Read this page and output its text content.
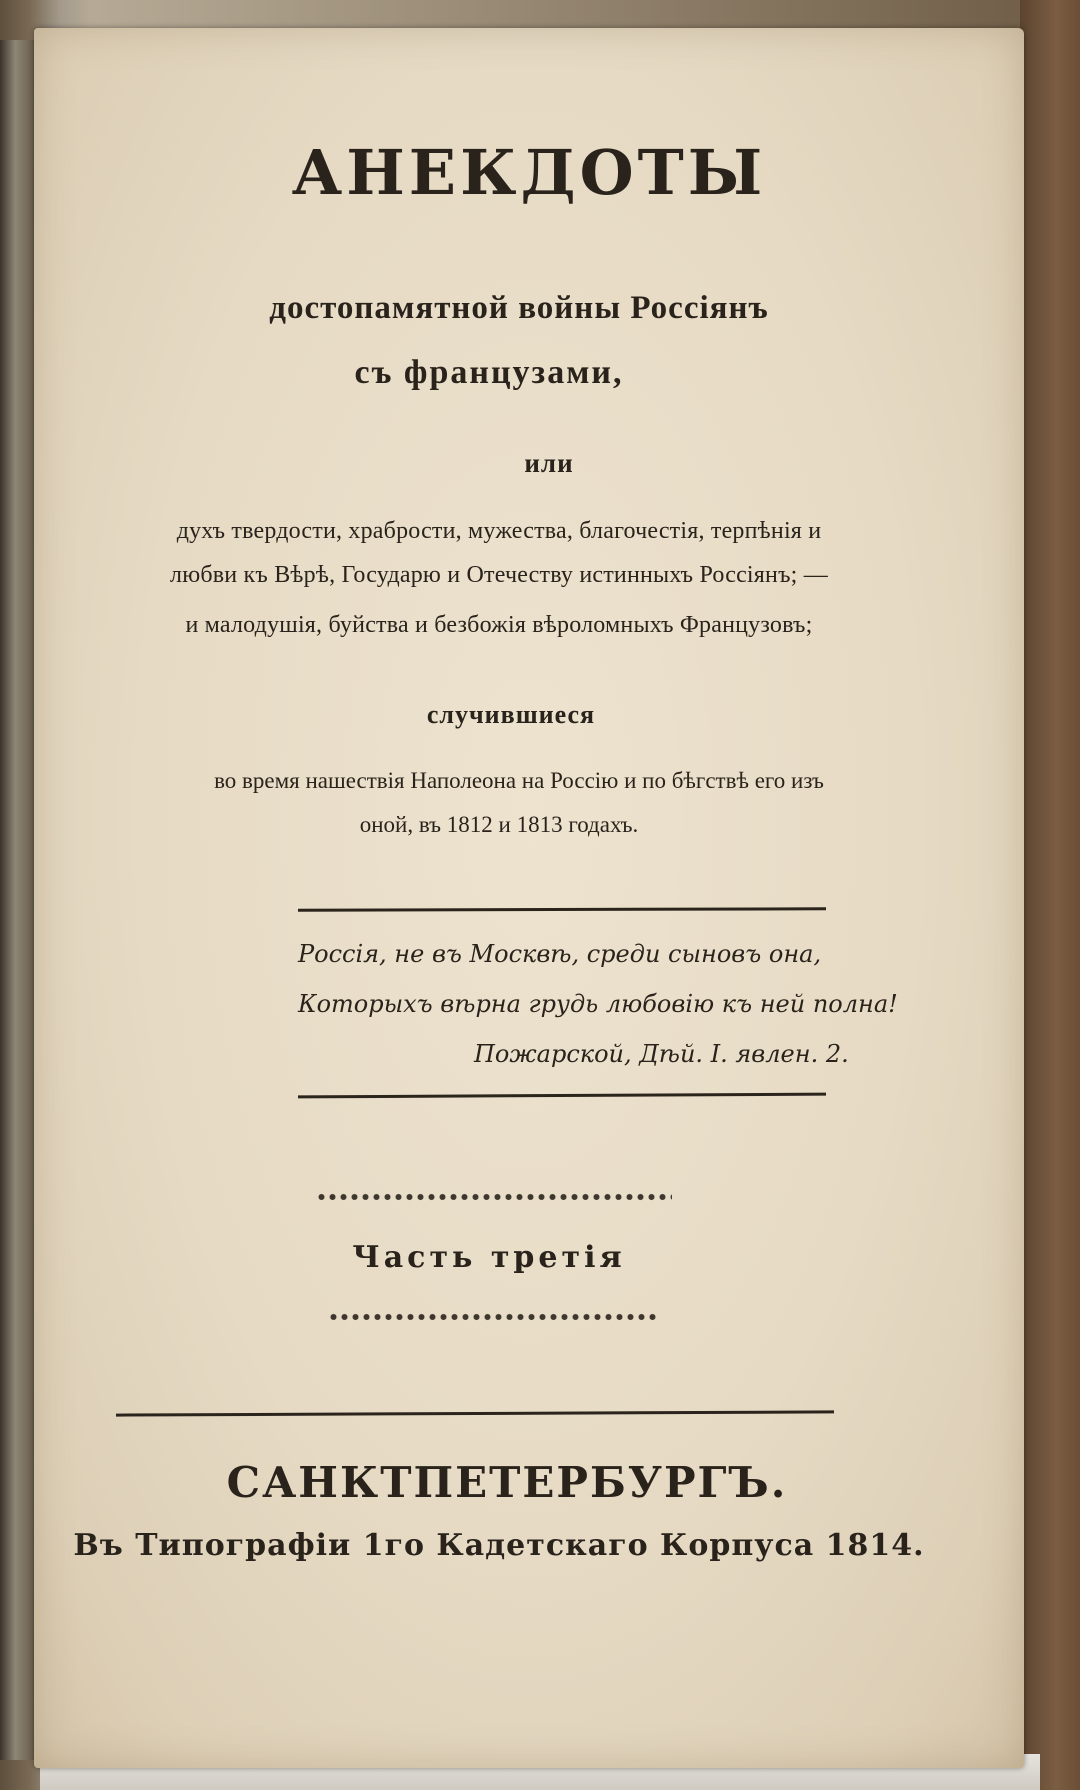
АНЕКДОТЫ
достопамятной войны Россіянъ
съ французами,
или
духъ твердости, храбрости, мужества, благочестія, терпѣнія и
любви къ Вѣрѣ, Государю и Отечеству истинныхъ Россіянъ; —
и малодушія, буйства и безбожія вѣроломныхъ Французовъ;
случившиеся
во время нашествія Наполеона на Россію и по бѣгствѣ его изъ
оной, въ 1812 и 1813 годахъ.
Россія, не въ Москвѣ, среди сыновъ она,
Которыхъ вѣрна грудь любовію къ ней полна!
Пожарской, Дѣй. I. явлен. 2.
Часть третія
САНКТПЕТЕРБУРГЪ.
Въ Типографіи 1го Кадетскаго Корпуса 1814.
